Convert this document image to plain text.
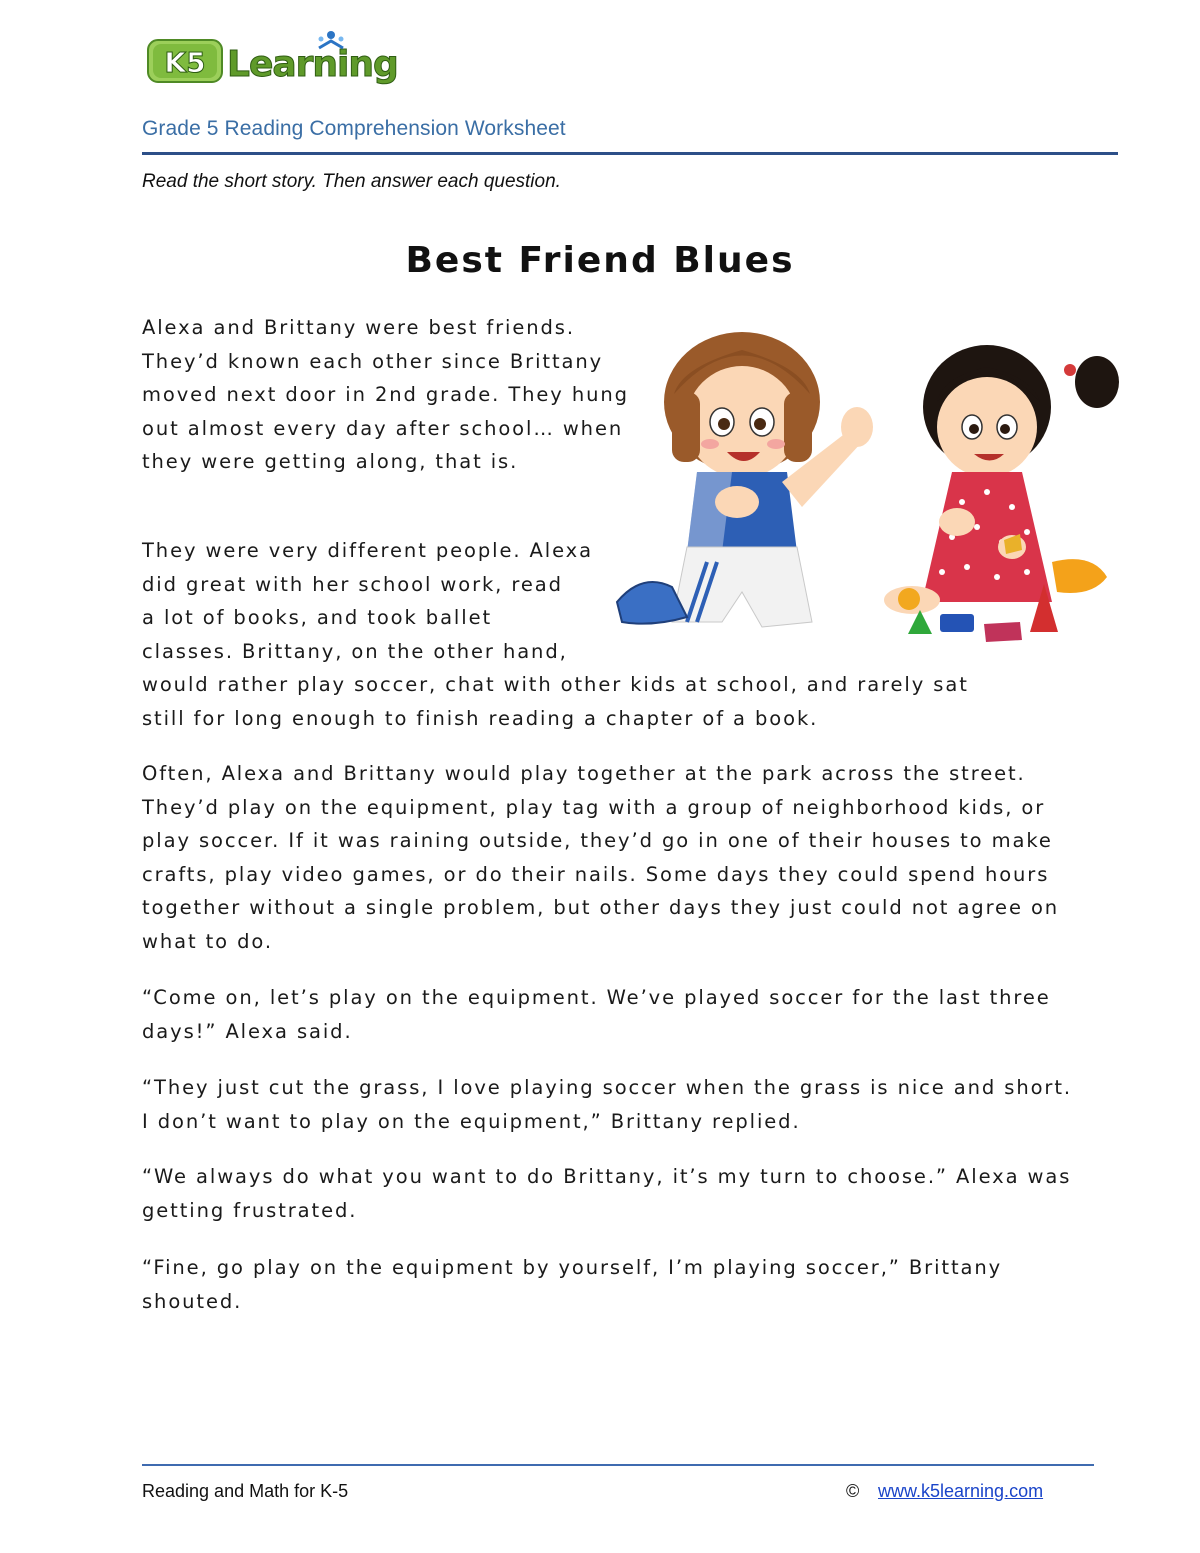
K5 Learning
Grade 5 Reading Comprehension Worksheet
Read the short story. Then answer each question.
Best Friend Blues

Alexa and Brittany were best friends. They’d known each other since Brittany moved next door in 2nd grade. They hung out almost every day after school… when they were getting along, that is.

They were very different people. Alexa
did great with her school work, read
a lot of books, and took ballet
classes. Brittany, on the other hand,
would rather play soccer, chat with other kids at school, and rarely sat
still for long enough to finish reading a chapter of a book.

Often, Alexa and Brittany would play together at the park across the street. They’d play on the equipment, play tag with a group of neighborhood kids, or play soccer. If it was raining outside, they’d go in one of their houses to make crafts, play video games, or do their nails. Some days they could spend hours together without a single problem, but other days they just could not agree on what to do.

“Come on, let’s play on the equipment. We’ve played soccer for the last three days!” Alexa said.

“They just cut the grass, I love playing soccer when the grass is nice and short. I don’t want to play on the equipment,” Brittany replied.

“We always do what you want to do Brittany, it’s my turn to choose.” Alexa was getting frustrated.

“Fine, go play on the equipment by yourself, I’m playing soccer,” Brittany shouted.

Reading and Math for K-5	© www.k5learning.com
